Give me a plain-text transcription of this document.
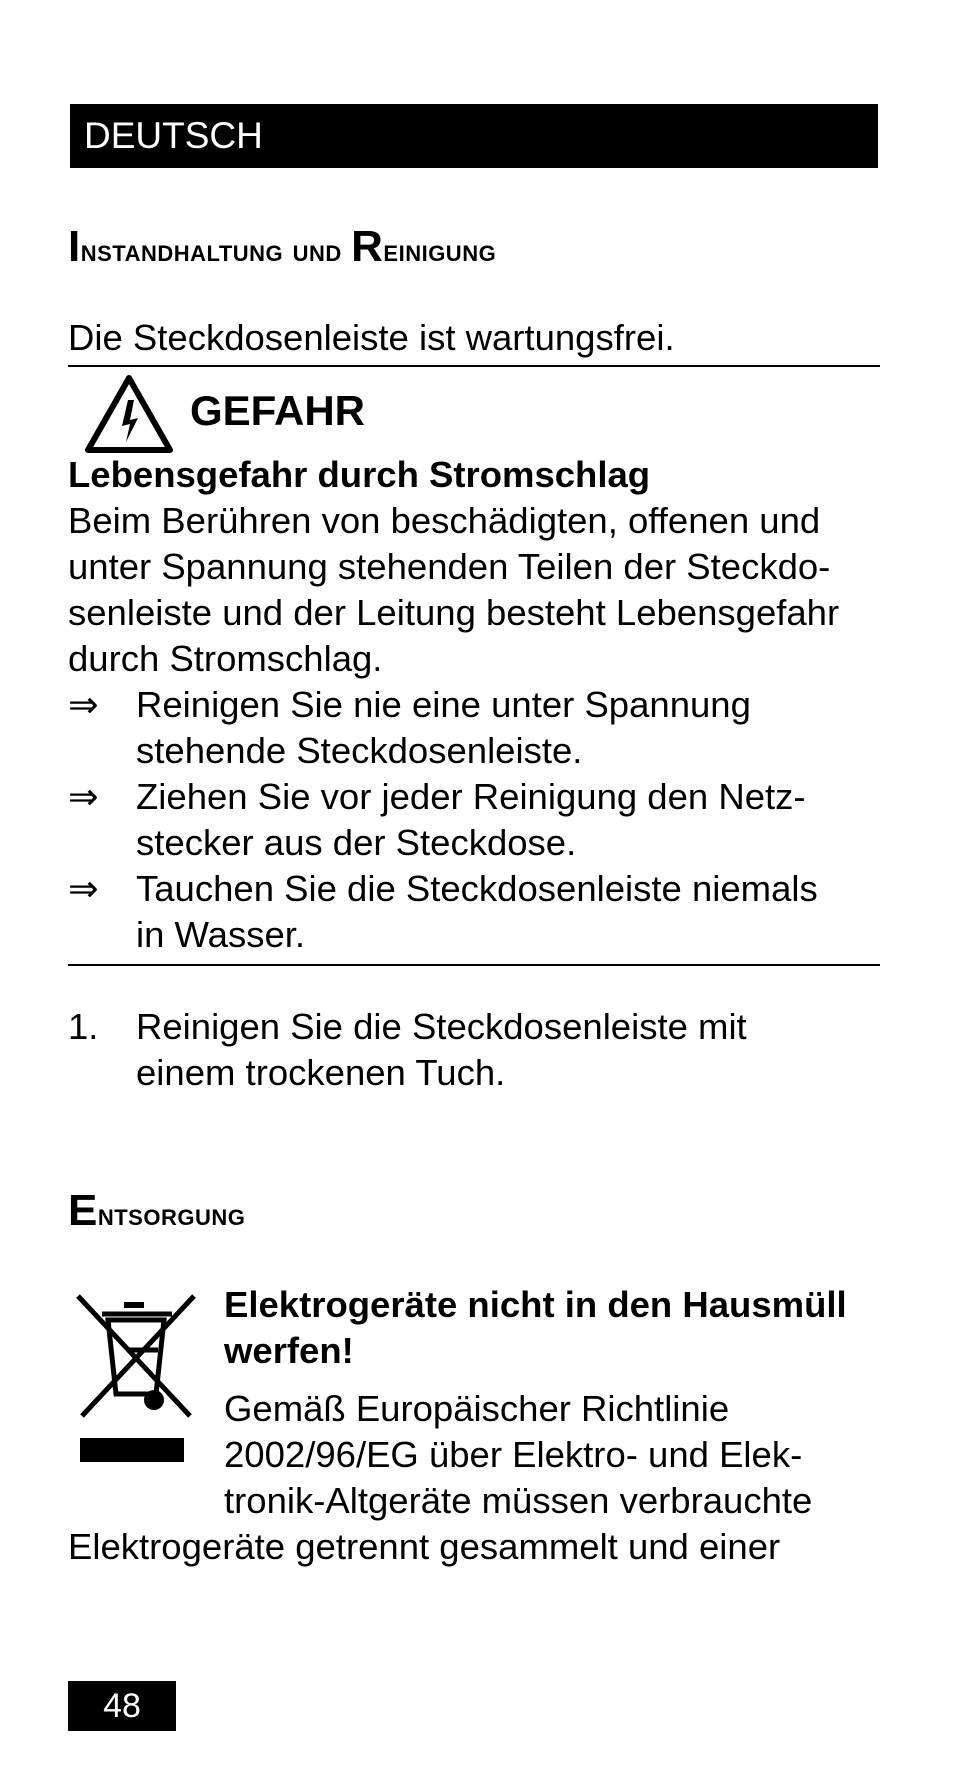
DEUTSCH
Instandhaltung und Reinigung
Die Steckdosenleiste ist wartungsfrei.
GEFAHR
Lebensgefahr durch Stromschlag
Beim Berühren von beschädigten, offenen und
unter Spannung stehenden Teilen der Steckdo-
senleiste und der Leitung besteht Lebensgefahr
durch Stromschlag.
⇒	Reinigen Sie nie eine unter Spannung
stehende Steckdosenleiste.
⇒	Ziehen Sie vor jeder Reinigung den Netz-
stecker aus der Steckdose.
⇒	Tauchen Sie die Steckdosenleiste niemals
in Wasser.
1.	Reinigen Sie die Steckdosenleiste mit
einem trockenen Tuch.
Entsorgung
Elektrogeräte nicht in den Hausmüll
werfen!
Gemäß Europäischer Richtlinie
2002/96/EG über Elektro- und Elek-
tronik-Altgeräte müssen verbrauchte
Elektrogeräte getrennt gesammelt und einer
48
